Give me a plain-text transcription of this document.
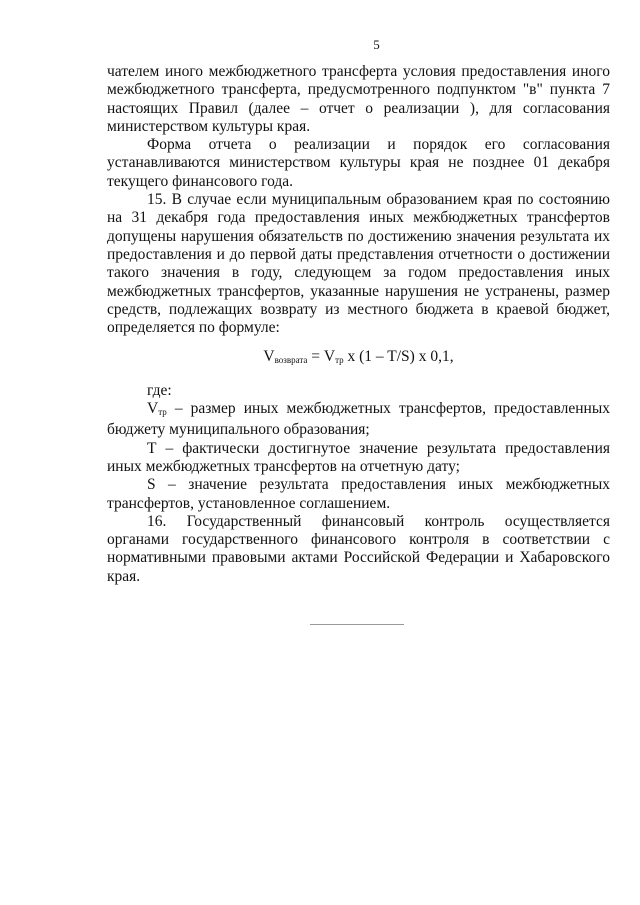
5

чателем иного межбюджетного трансферта условия предоставления иного межбюджетного трансферта, предусмотренного подпунктом "в" пункта 7 настоящих Правил (далее – отчет о реализации ), для согласования министерством культуры края.

Форма отчета о реализации и порядок его согласования устанавливаются министерством культуры края не позднее 01 декабря текущего финансового года.

15. В случае если муниципальным образованием края по состоянию на 31 декабря года предоставления иных межбюджетных трансфертов допущены нарушения обязательств по достижению значения результата их предоставления и до первой даты представления отчетности о достижении такого значения в году, следующем за годом предоставления иных межбюджетных трансфертов, указанные нарушения не устранены, размер средств, подлежащих возврату из местного бюджета в краевой бюджет, определяется по формуле:

$V_{возврата} = V_{тр}$ x (1 – T/S) x 0,1,

где:

Vтр – размер иных межбюджетных трансфертов, предоставленных бюджету муниципального образования;

Т – фактически достигнутое значение результата предоставления иных межбюджетных трансфертов на отчетную дату;

S – значение результата предоставления иных межбюджетных трансфертов, установленное соглашением.

16. Государственный финансовый контроль осуществляется органами государственного финансового контроля в соответствии с нормативными правовыми актами Российской Федерации и Хабаровского края.
